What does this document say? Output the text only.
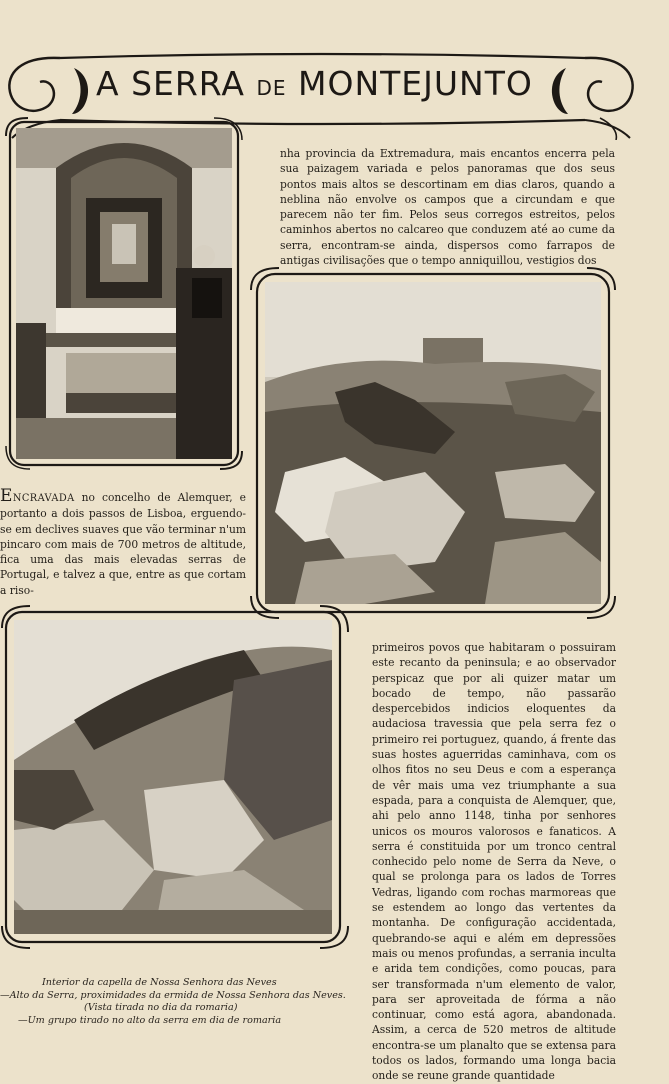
A SERRA DE MONTEJUNTO

nha provincia da Extremadura, mais encantos encerra pela sua paizagem variada e pelos panoramas que dos seus pontos mais altos se descortinam em dias claros, quando a neblina não envolve os campos que a circundam e que parecem não ter fim. Pelos seus corregos estreitos, pelos caminhos abertos no calcareo que conduzem até ao cume da serra, encontram-se ainda, dispersos como farrapos de antigas civilisações que o tempo anniquillou, vestigios dos

ENCRAVADA no concelho de Alemquer, e portanto a dois passos de Lisboa, erguendo-se em declives suaves que vão terminar n'um pincaro com mais de 700 metros de altitude, fica uma das mais elevadas serras de Portugal, e talvez a que, entre as que cortam a riso-

primeiros povos que habitaram o possuiram este recanto da peninsula; e ao observador perspicaz que por ali quizer matar um bocado de tempo, não passarão despercebidos indicios eloquentes da audaciosa travessia que pela serra fez o primeiro rei portuguez, quando, á frente das suas hostes aguerridas caminhava, com os olhos fitos no seu Deus e com a esperança de vêr mais uma vez triumphante a sua espada, para a conquista de Alemquer, que, ahi pelo anno 1148, tinha por senhores unicos os mouros valorosos e fanaticos. A serra é constituida por um tronco central conhecido pelo nome de Serra da Neve, o qual se prolonga para os lados de Torres Vedras, ligando com rochas marmoreas que se estendem ao longo das vertentes da montanha. De configuração accidentada, quebrando-se aqui e além em depressões mais ou menos profundas, a serrania inculta e arida tem condições, como poucas, para ser transformada n'um elemento de valor, para ser aproveitada de fórma a não continuar, como está agora, abandonada. Assim, a cerca de 520 metros de altitude encontra-se um planalto que se extensa para todos os lados, formando uma longa bacia onde se reune grande quantidade

Interior da capella de Nossa Senhora das Neves
—Alto da Serra, proximidades da ermida de Nossa Senhora das Neves.
(Vista tirada no dia da romaria)
—Um grupo tirado no alto da serra em dia de romaria
